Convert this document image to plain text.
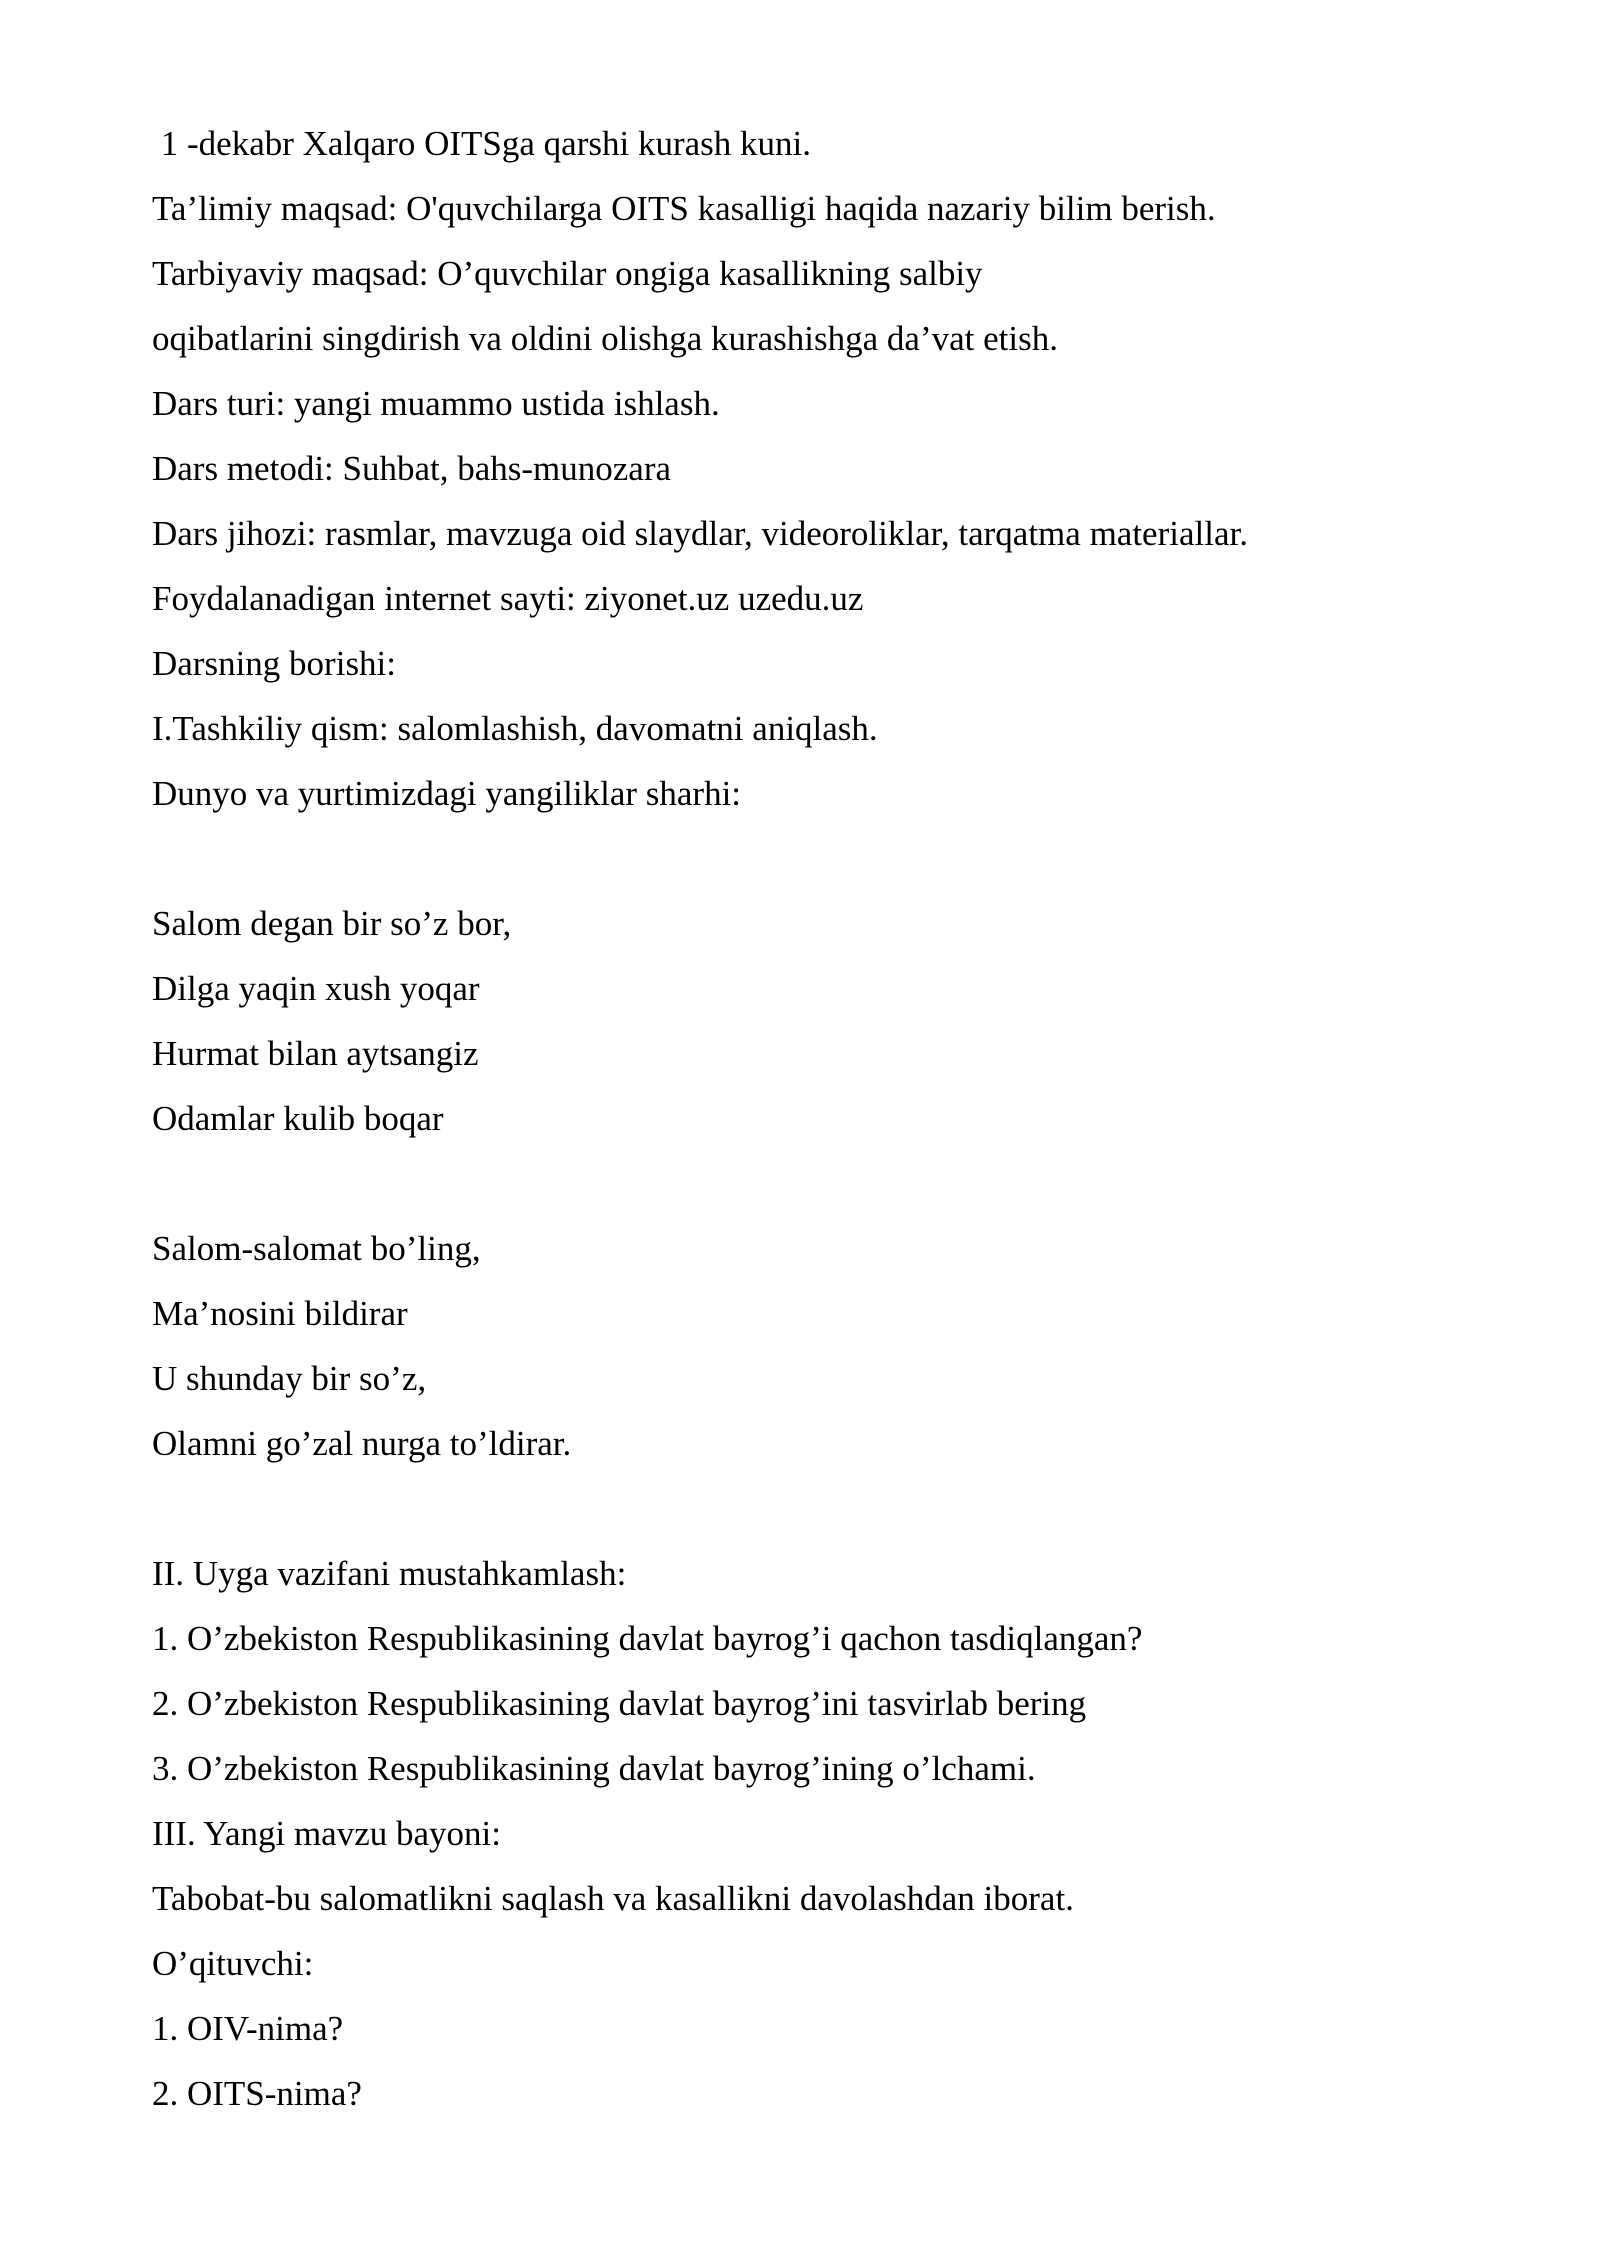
1 -dekabr Xalqaro OITSga qarshi kurash kuni.
Ta’limiy maqsad: O'quvchilarga OITS kasalligi haqida nazariy bilim berish.
Tarbiyaviy maqsad: O’quvchilar ongiga kasallikning salbiy
oqibatlarini singdirish va oldini olishga kurashishga da’vat etish.
Dars turi: yangi muammo ustida ishlash.
Dars metodi: Suhbat, bahs-munozara
Dars jihozi: rasmlar, mavzuga oid slaydlar, videoroliklar, tarqatma materiallar.
Foydalanadigan internet sayti: ziyonet.uz uzedu.uz
Darsning borishi:
I.Tashkiliy qism: salomlashish, davomatni aniqlash.
Dunyo va yurtimizdagi yangiliklar sharhi:
Salom degan bir so’z bor,
Dilga yaqin xush yoqar
Hurmat bilan aytsangiz
Odamlar kulib boqar
Salom-salomat bo’ling,
Ma’nosini bildirar
U shunday bir so’z,
Olamni go’zal nurga to’ldirar.
II. Uyga vazifani mustahkamlash:
1. O’zbekiston Respublikasining davlat bayrog’i qachon tasdiqlangan?
2. O’zbekiston Respublikasining davlat bayrog’ini tasvirlab bering
3. O’zbekiston Respublikasining davlat bayrog’ining o’lchami.
III. Yangi mavzu bayoni:
Tabobat-bu salomatlikni saqlash va kasallikni davolashdan iborat.
O’qituvchi:
1. OIV-nima?
2. OITS-nima?
